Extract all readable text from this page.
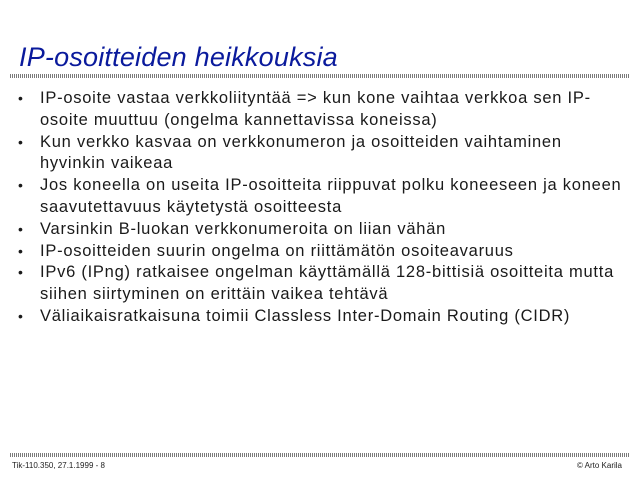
IP-osoitteiden heikkouksia
• IP-osoite vastaa verkkoliityntää => kun kone vaihtaa verkkoa sen IP-osoite muuttuu (ongelma kannettavissa koneissa)
• Kun verkko kasvaa on verkkonumeron ja osoitteiden vaihtaminen hyvinkin vaikeaa
• Jos koneella on useita IP-osoitteita riippuvat polku koneeseen ja koneen saavutettavuus käytetystä osoitteesta
• Varsinkin B-luokan verkkonumeroita on liian vähän
• IP-osoitteiden suurin ongelma on riittämätön osoiteavaruus
• IPv6 (IPng) ratkaisee ongelman käyttämällä 128-bittisiä osoitteita mutta siihen siirtyminen on erittäin vaikea tehtävä
• Väliaikaisratkaisuna toimii Classless Inter-Domain Routing (CIDR)
Tik-110.350, 27.1.1999 - 8	© Arto Karila
